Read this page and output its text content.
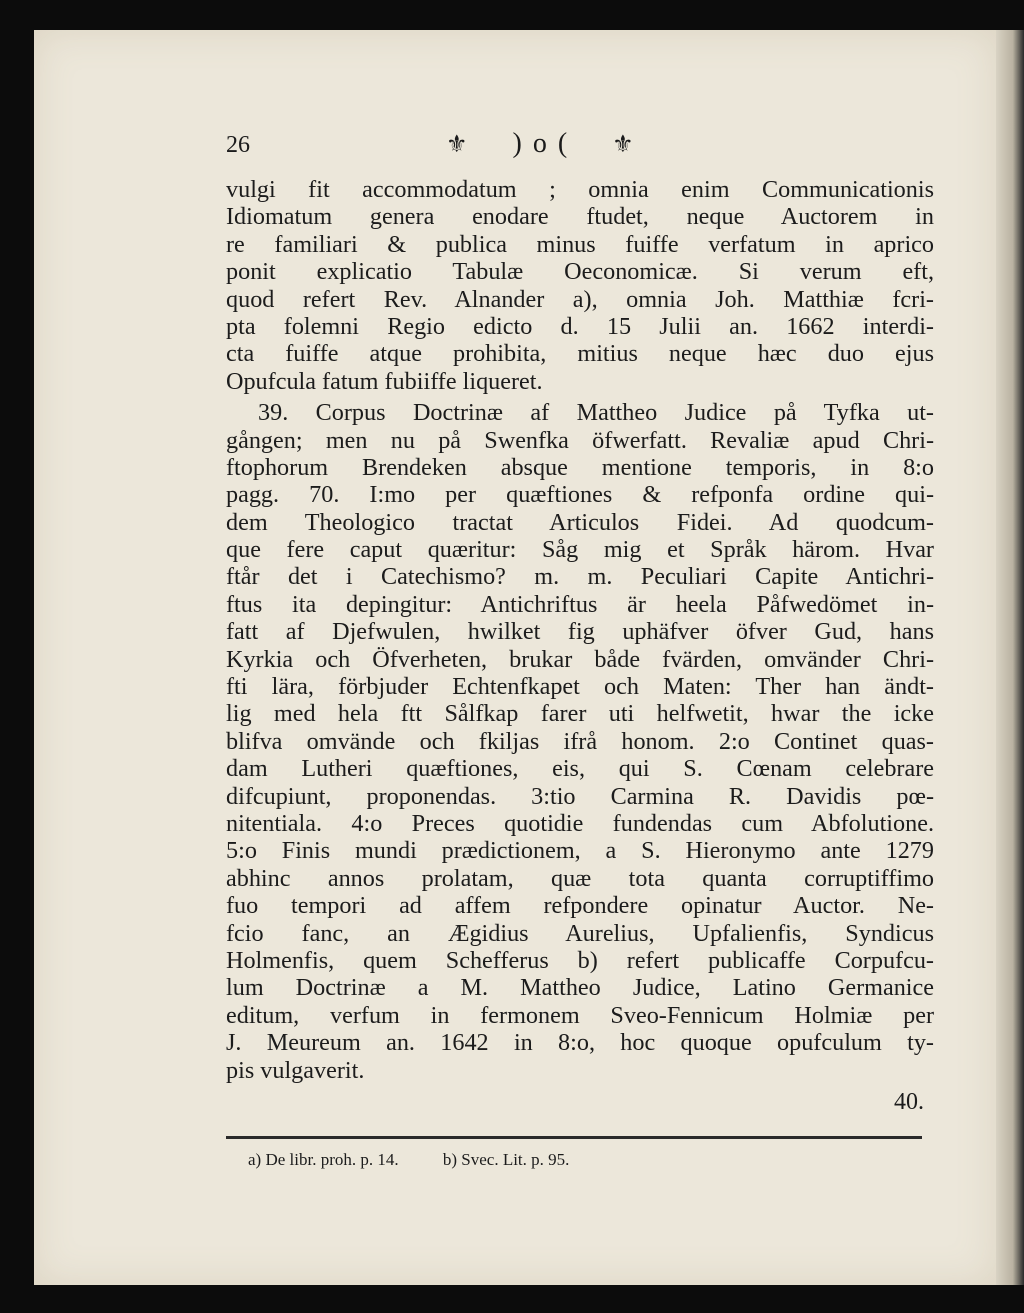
26	⚜ ) o ( ⚜
vulgi fit accommodatum ; omnia enim Communicationis
Idiomatum genera enodare ftudet, neque Auctorem in
re familiari & publica minus fuiffe verfatum in aprico
ponit explicatio Tabulæ Oeconomicæ. Si verum eft,
quod refert Rev. Alnander a), omnia Joh. Matthiæ fcri-
pta folemni Regio edicto d. 15 Julii an. 1662 interdi-
cta fuiffe atque prohibita, mitius neque hæc duo ejus
Opufcula fatum fubiiffe liqueret.
39. Corpus Doctrinæ af Mattheo Judice på Tyfka ut-
gången; men nu på Swenfka öfwerfatt. Revaliæ apud Chri-
ftophorum Brendeken absque mentione temporis, in 8:o
pagg. 70. I:mo per quæftiones & refponfa ordine qui-
dem Theologico tractat Articulos Fidei. Ad quodcum-
que fere caput quæritur: Såg mig et Språk härom. Hvar
ftår det i Catechismo? m. m. Peculiari Capite Antichri-
ftus ita depingitur: Antichriftus är heela Påfwedömet in-
fatt af Djefwulen, hwilket fig uphäfver öfver Gud, hans
Kyrkia och Öfverheten, brukar både fvärden, omvänder Chri-
fti lära, förbjuder Echtenfkapet och Maten: Ther han ändt-
lig med hela ftt Sålfkap farer uti helfwetit, hwar the icke
blifva omvände och fkiljas ifrå honom. 2:o Continet quas-
dam Lutheri quæftiones, eis, qui S. Cœnam celebrare
difcupiunt, proponendas. 3:tio Carmina R. Davidis pœ-
nitentiala. 4:o Preces quotidie fundendas cum Abfolutione.
5:o Finis mundi prædictionem, a S. Hieronymo ante 1279
abhinc annos prolatam, quæ tota quanta corruptiffimo
fuo tempori ad affem refpondere opinatur Auctor. Ne-
fcio fanc, an Ægidius Aurelius, Upfalienfis, Syndicus
Holmenfis, quem Schefferus b) refert publicaffe Corpufcu-
lum Doctrinæ a M. Mattheo Judice, Latino Germanice
editum, verfum in fermonem Sveo-Fennicum Holmiæ per
J. Meureum an. 1642 in 8:o, hoc quoque opufculum ty-
pis vulgaverit.
40.
a) De libr. proh. p. 14.	b) Svec. Lit. p. 95.
